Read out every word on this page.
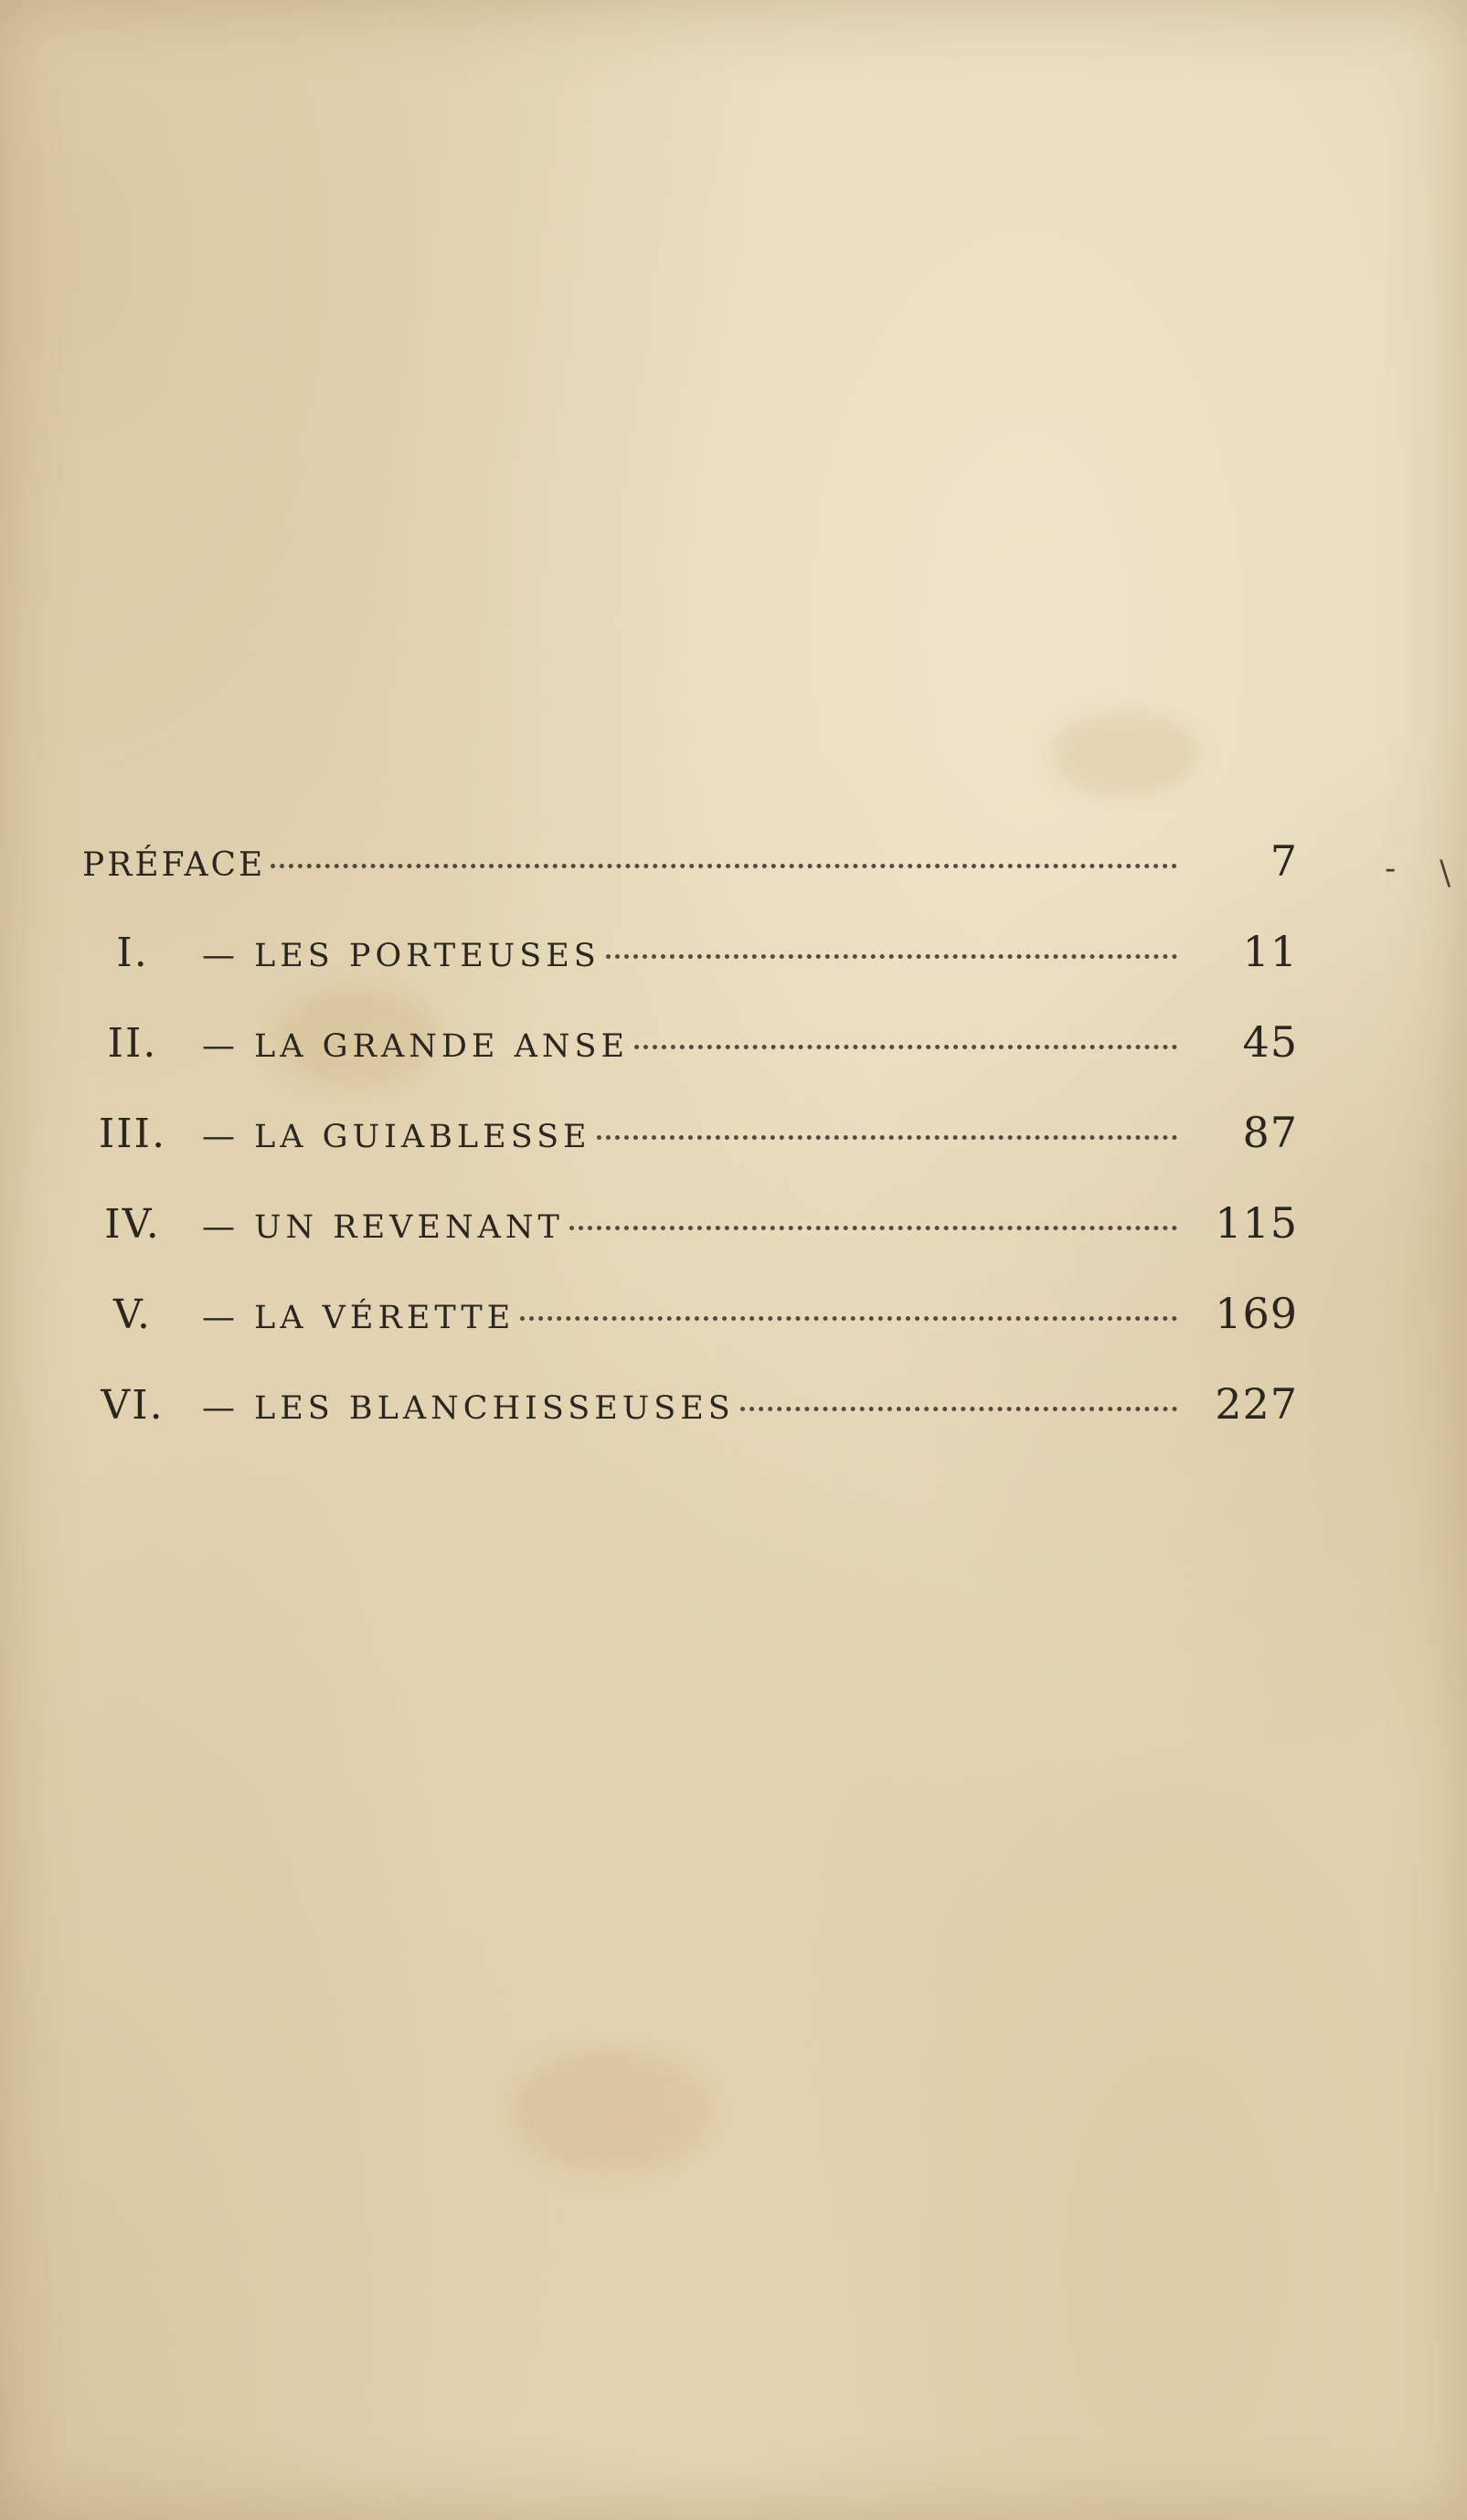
- \
PRÉFACE	7
I.	— LES PORTEUSES	11
II.	— LA GRANDE ANSE	45
III.	— LA GUIABLESSE	87
IV.	— UN REVENANT	115
V.	— LA VÉRETTE	169
VI.	— LES BLANCHISSEUSES	227
